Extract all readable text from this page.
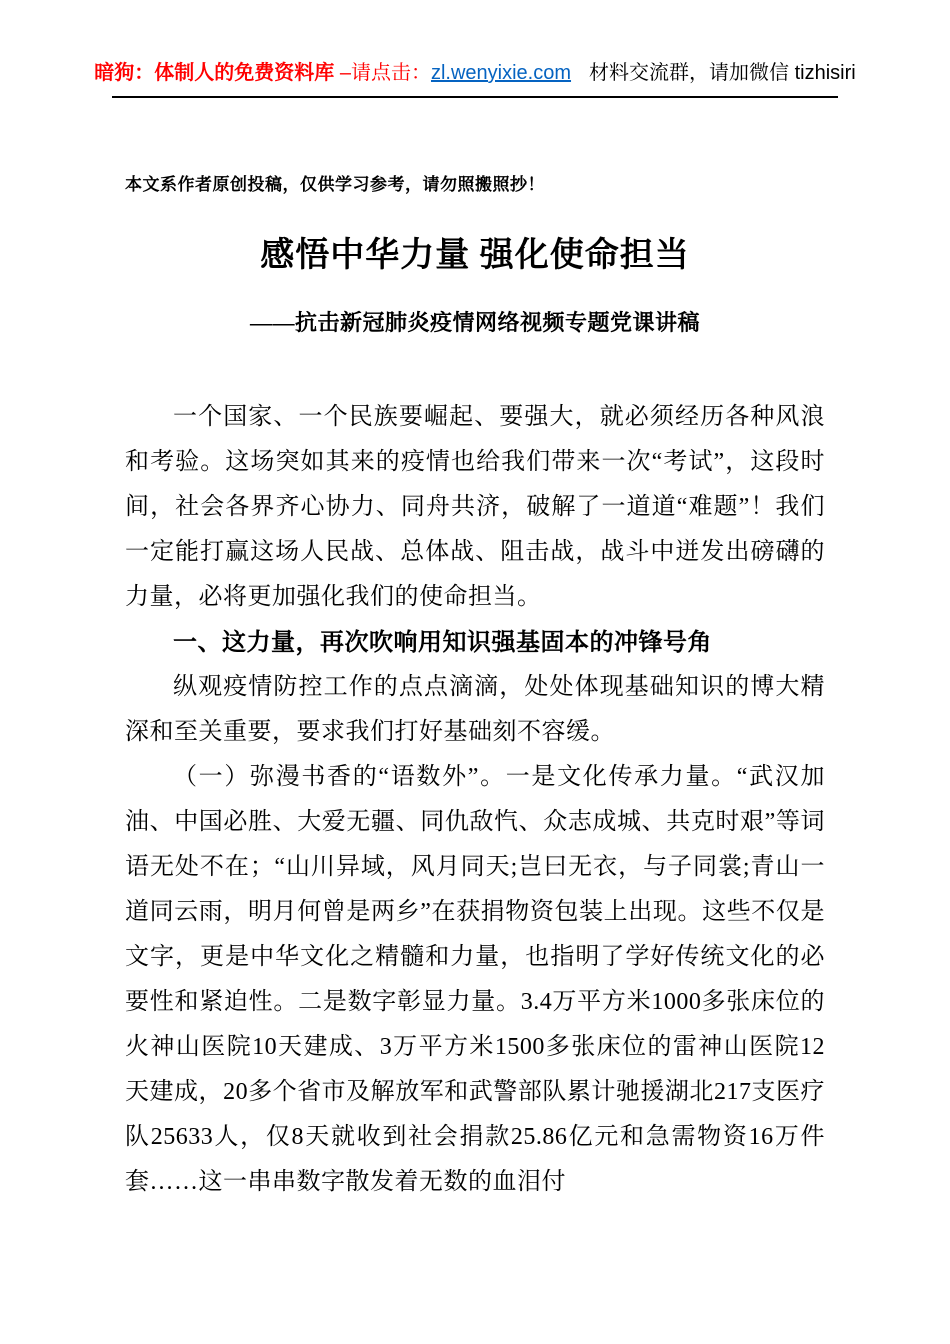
暗狗：体制人的免费资料库 –请点击：zl.wenyixie.com 材料交流群，请加微信 tizhisiri

本文系作者原创投稿，仅供学习参考，请勿照搬照抄！

感悟中华力量 强化使命担当
——抗击新冠肺炎疫情网络视频专题党课讲稿

一个国家、一个民族要崛起、要强大，就必须经历各种风浪和考验。这场突如其来的疫情也给我们带来一次“考试”，这段时间，社会各界齐心协力、同舟共济，破解了一道道“难题”！我们一定能打赢这场人民战、总体战、阻击战，战斗中迸发出磅礴的力量，必将更加强化我们的使命担当。

一、这力量，再次吹响用知识强基固本的冲锋号角

纵观疫情防控工作的点点滴滴，处处体现基础知识的博大精深和至关重要，要求我们打好基础刻不容缓。

（一）弥漫书香的“语数外”。一是文化传承力量。“武汉加油、中国必胜、大爱无疆、同仇敌忾、众志成城、共克时艰”等词语无处不在；“山川异域，风月同天;岂曰无衣，与子同裳;青山一道同云雨，明月何曾是两乡”在获捐物资包装上出现。这些不仅是文字，更是中华文化之精髓和力量，也指明了学好传统文化的必要性和紧迫性。二是数字彰显力量。3.4万平方米1000多张床位的火神山医院10天建成、3万平方米1500多张床位的雷神山医院12天建成，20多个省市及解放军和武警部队累计驰援湖北217支医疗队25633人，仅8天就收到社会捐款25.86亿元和急需物资16万件套……这一串串数字散发着无数的血泪付
